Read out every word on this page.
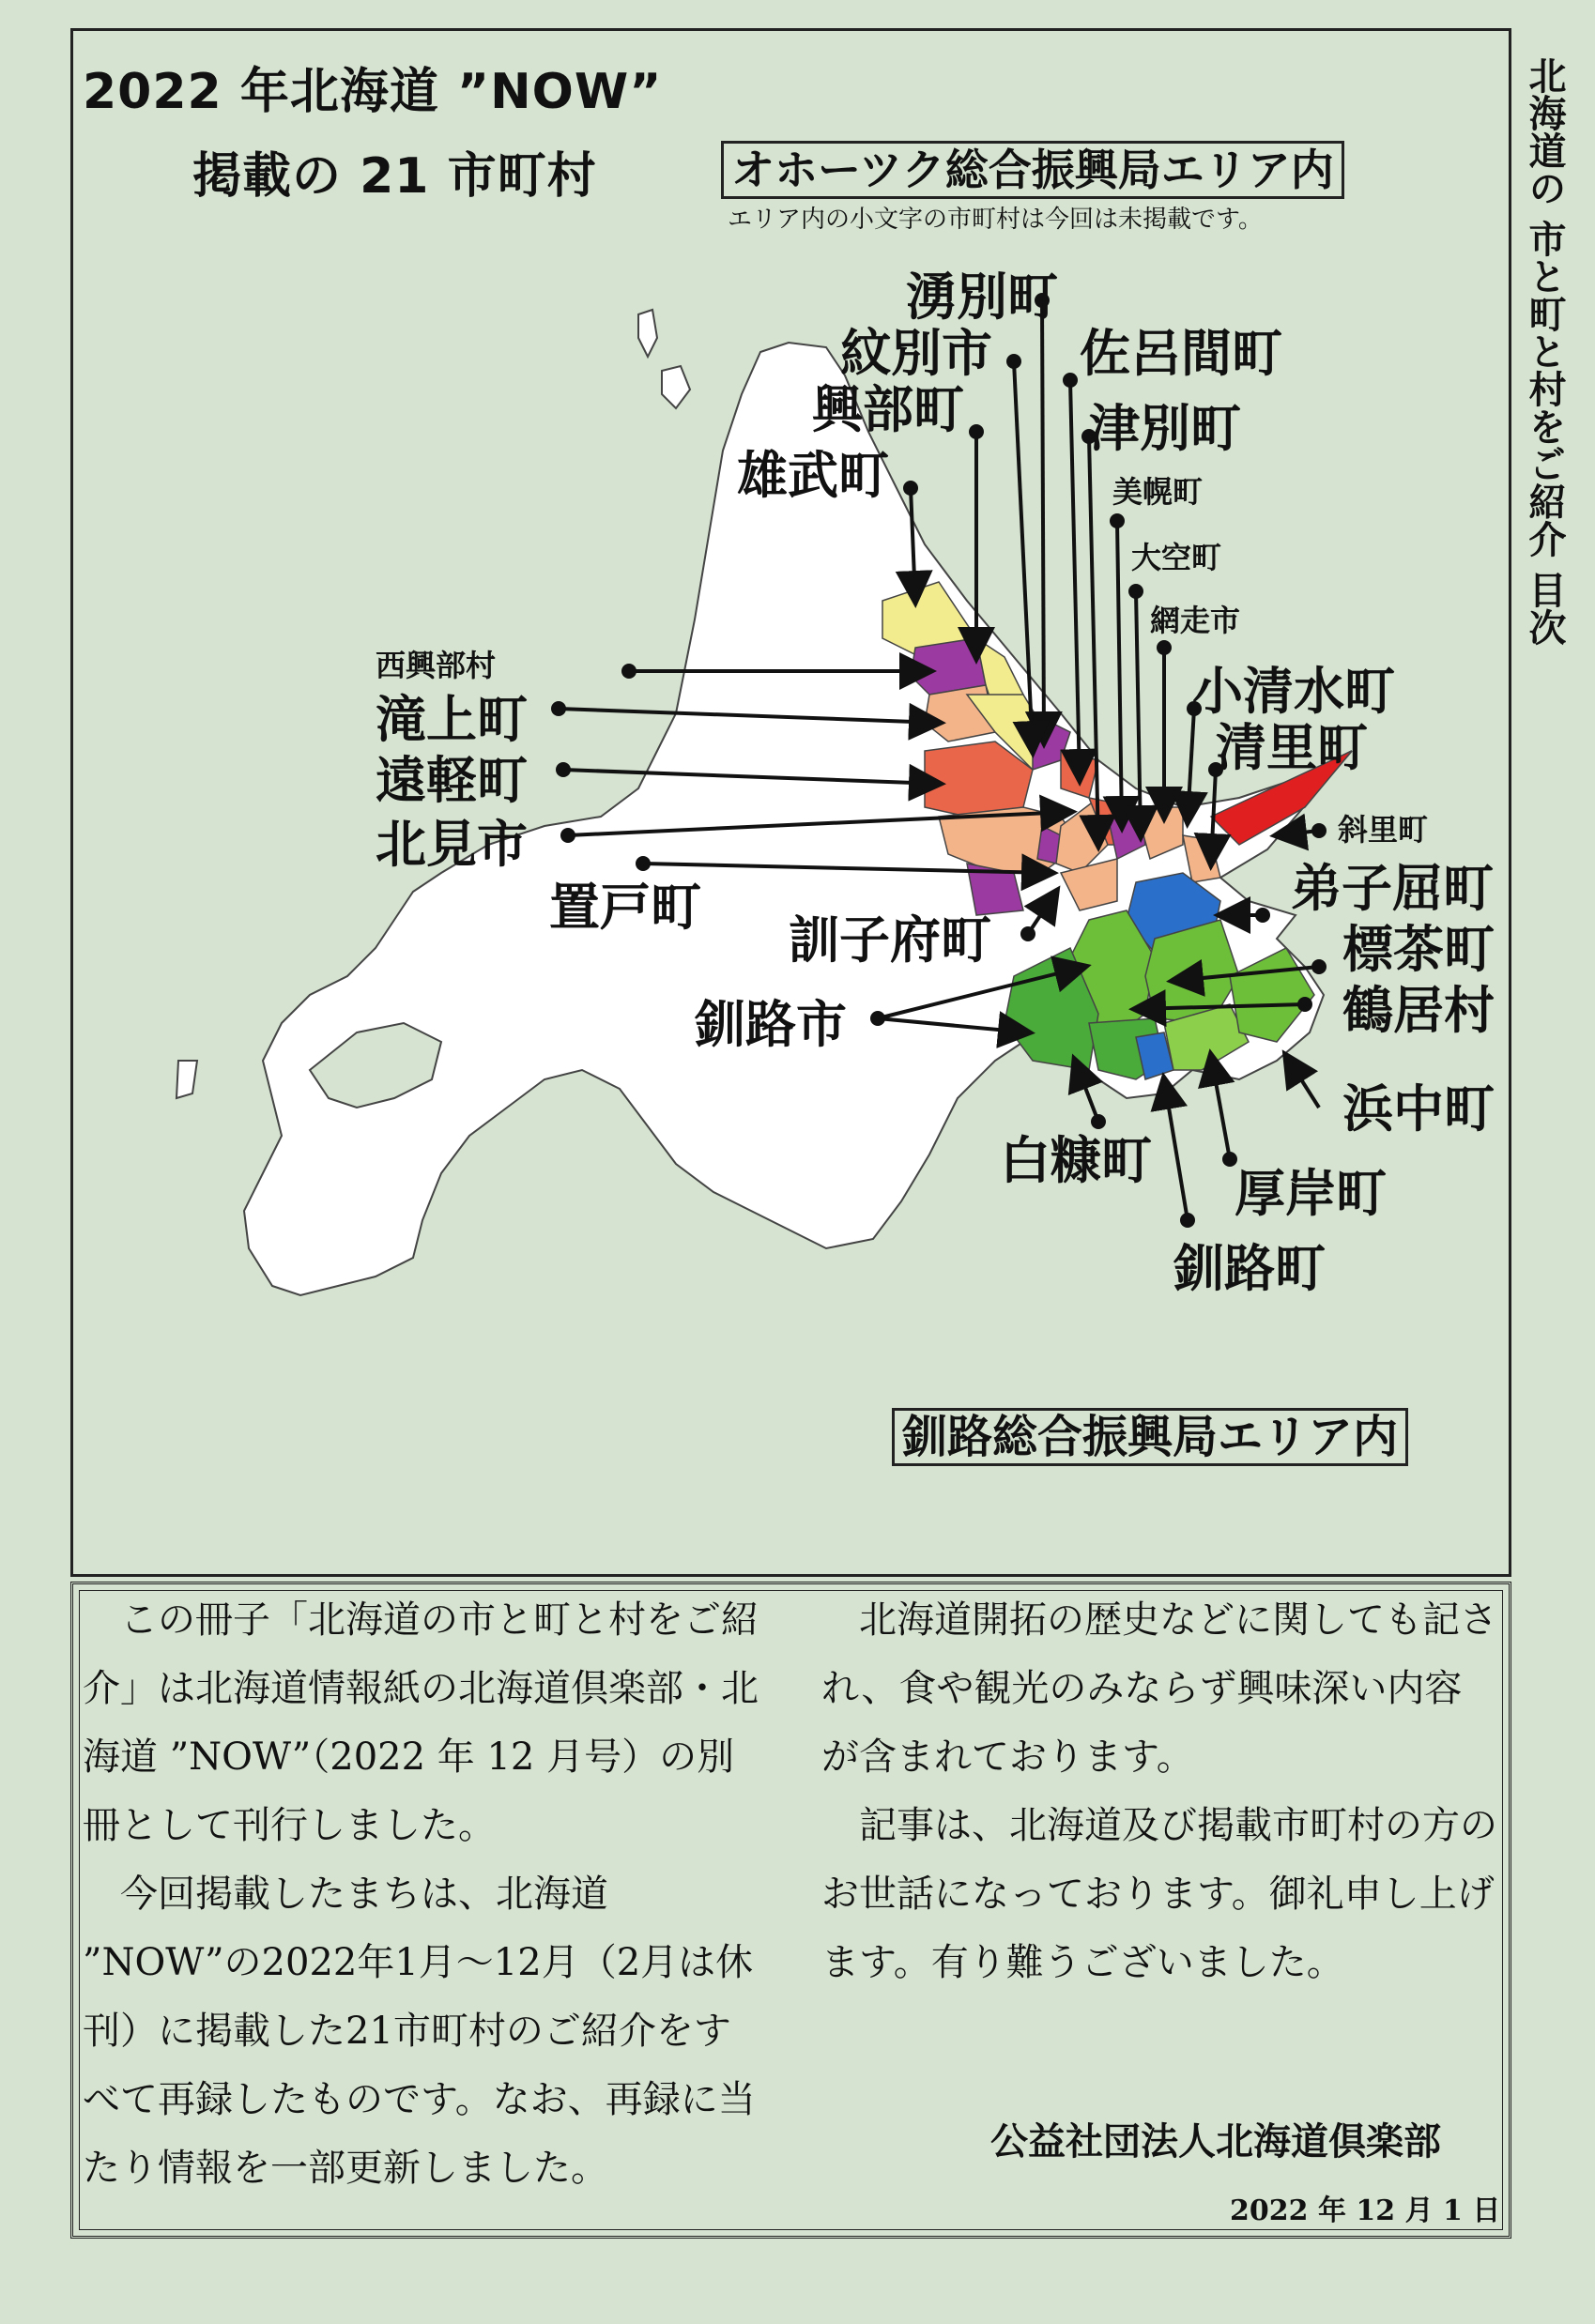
2022 年北海道 ”NOW”
掲載の 21 市町村	北海道の 市と町と村をご紹介 目次
オホーツク総合振興局エリア内
エリア内の小文字の市町村は今回は未掲載です。
釧路総合振興局エリア内
湧別町
紋別市 佐呂間町
興部町 津別町
雄武町	美幌町
大空町
網走市
西興部村	小清水町
滝上町	清里町
遠軽町
斜里町
北見市
置戸町	弟子屈町
訓子府町	標茶町
釧路市	鶴居村
浜中町
白糠町
厚岸町
釧路町

この冊子「北海道の市と町と村をご紹介」は北海道情報紙の北海道倶楽部・北海道 ”NOW”（2022 年 12 月号）の別冊として刊行しました。

今回掲載したまちは、北海道 ”NOW”の2022年1月～12月（2月は休刊）に掲載した21市町村のご紹介をすべて再録したものです。なお、再録に当たり情報を一部更新しました。

北海道開拓の歴史などに関しても記され、食や観光のみならず興味深い内容が含まれております。

記事は、北海道及び掲載市町村の方のお世話になっております。御礼申し上げます。有り難うございました。

公益社団法人北海道倶楽部
2022 年 12 月 1 日
